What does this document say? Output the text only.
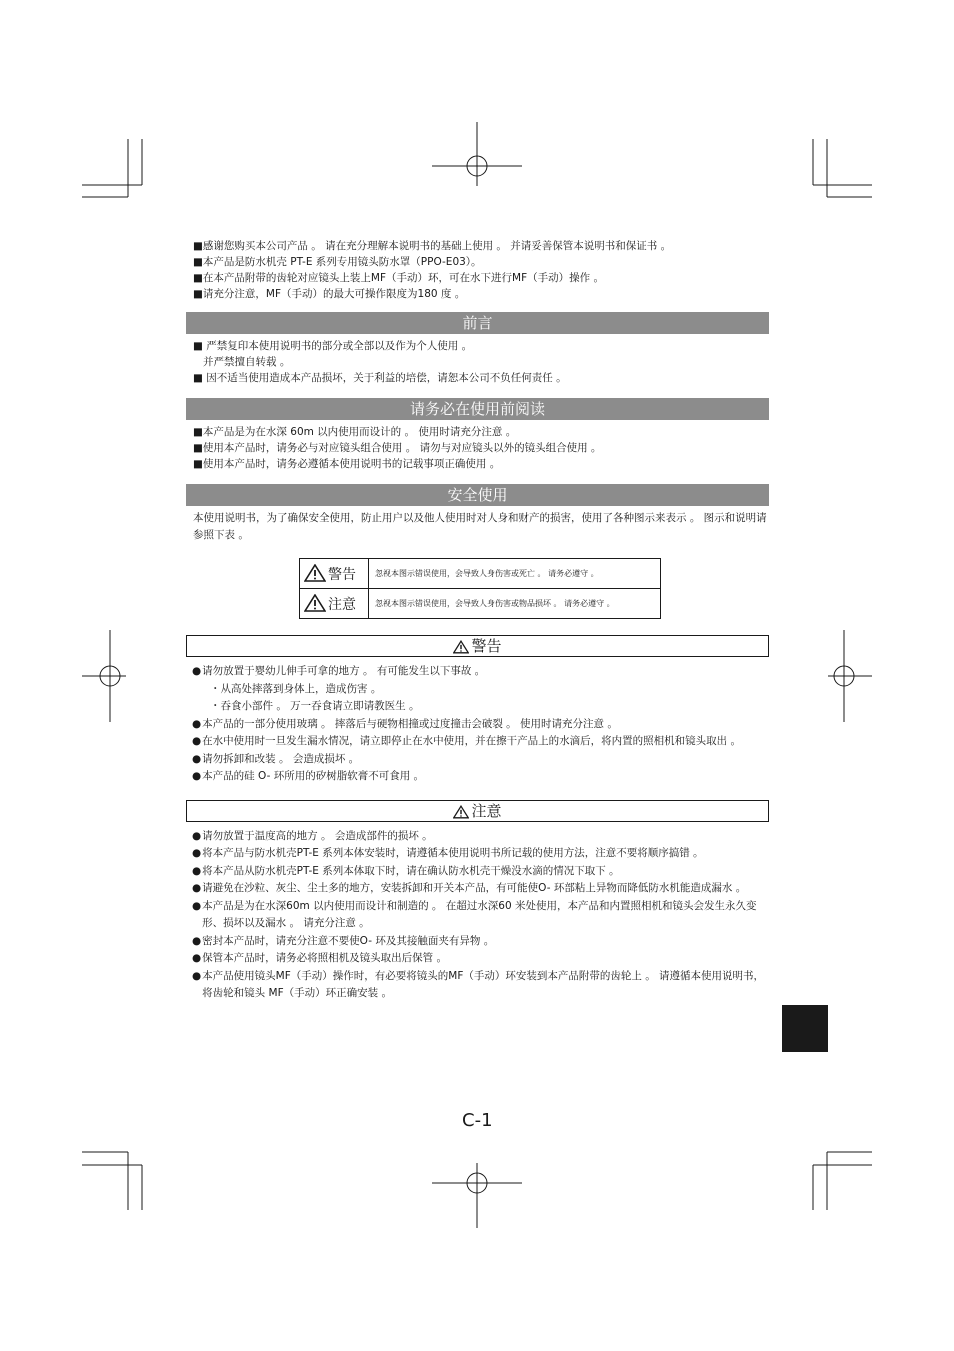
■感谢您购买本公司产品 。 请在充分理解本说明书的基础上使用 。 并请妥善保管本说明书和保证书 。
■本产品是防水机壳 PT-E 系列专用镜头防水罩（PPO-E03）。
■在本产品附带的齿轮对应镜头上装上MF（手动）环，可在水下进行MF（手动）操作 。
■请充分注意，MF（手动）的最大可操作限度为180 度 。
前言
■ 严禁复印本使用说明书的部分或全部以及作为个人使用 。
并严禁擅自转载 。
■ 因不适当使用造成本产品损坏，关于利益的培偿，请恕本公司不负任何责任 。
请务必在使用前阅读
■本产品是为在水深 60m 以内使用而设计的 。 使用时请充分注意 。
■使用本产品时，请务必与对应镜头组合使用 。 请勿与对应镜头以外的镜头组合使用 。
■使用本产品时，请务必遵循本使用说明书的记载事项正确使用 。
安全使用
本使用说明书，为了确保安全使用，防止用户以及他人使用时对人身和财产的损害，使用了各种图示来表示 。 图示和说明请参照下表 。
警告	忽视本图示错误使用，会导致人身伤害或死亡 。 请务必遵守 。
注意	忽视本图示错误使用，会导致人身伤害或物品损坏 。 请务必遵守 。
警告
● 请勿放置于婴幼儿伸手可拿的地方 。 有可能发生以下事故 。
・从高处摔落到身体上，造成伤害 。
・吞食小部件 。 万一吞食请立即请教医生 。
● 本产品的一部分使用玻璃 。 摔落后与硬物相撞或过度撞击会破裂 。 使用时请充分注意 。
● 在水中使用时一旦发生漏水情况，请立即停止在水中使用，并在擦干产品上的水滴后，将内置的照相机和镜头取出 。
● 请勿拆卸和改装 。 会造成损坏 。
● 本产品的硅 O- 环所用的矽树脂软膏不可食用 。
注意
● 请勿放置于温度高的地方 。 会造成部件的损坏 。
● 将本产品与防水机壳PT-E 系列本体安装时，请遵循本使用说明书所记载的使用方法，注意不要将顺序搞错 。
● 将本产品从防水机壳PT-E 系列本体取下时，请在确认防水机壳干燥没水滴的情况下取下 。
● 请避免在沙粒、灰尘、尘土多的地方，安装拆卸和开关本产品，有可能使O- 环部粘上异物而降低防水机能造成漏水 。
● 本产品是为在水深60m 以内使用而设计和制造的 。 在超过水深60 米处使用，本产品和内置照相机和镜头会发生永久变形、损坏以及漏水 。 请充分注意 。
● 密封本产品时，请充分注意不要使O- 环及其接触面夹有异物 。
● 保管本产品时，请务必将照相机及镜头取出后保管 。
● 本产品使用镜头MF（手动）操作时，有必要将镜头的MF（手动）环安装到本产品附带的齿轮上 。 请遵循本使用说明书，将齿轮和镜头 MF（手动）环正确安装 。
C-1
